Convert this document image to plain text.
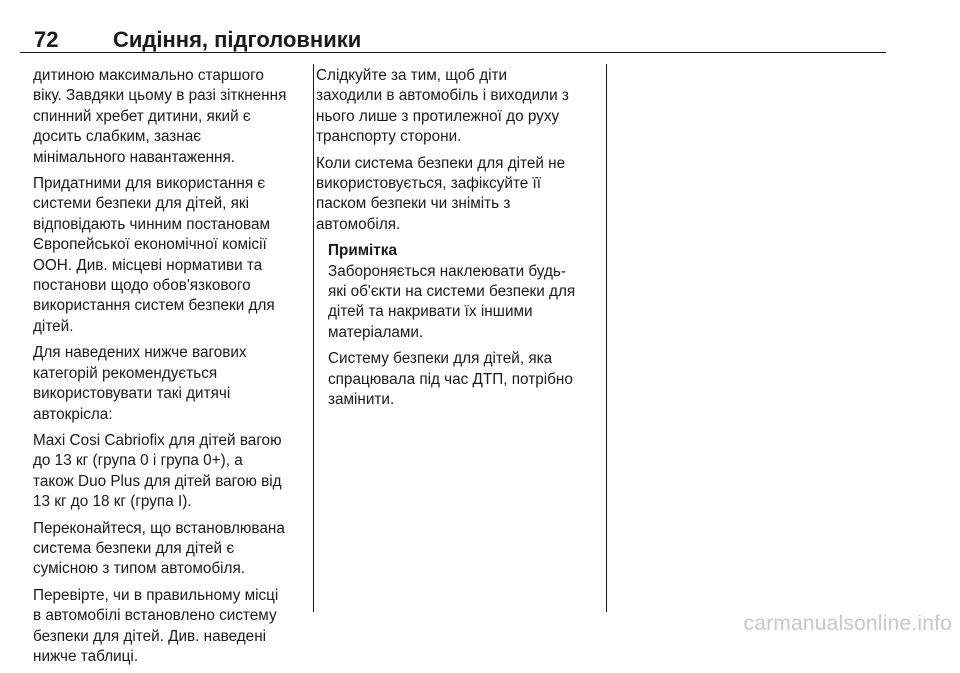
72 Сидіння, підголовники
дитиною максимально старшого
віку. Завдяки цьому в разі зіткнення
спинний хребет дитини, який є
досить слабким, зазнає
мінімального навантаження.
Придатними для використання є
системи безпеки для дітей, які
відповідають чинним постановам
Європейської економічної комісії
ООН. Див. місцеві нормативи та
постанови щодо обов'язкового
використання систем безпеки для
дітей.
Для наведених нижче вагових
категорій рекомендується
використовувати такі дитячі
автокрісла:
Maxi Cosi Cabriofix для дітей вагою
до 13 кг (група 0 і група 0+), а
також Duo Plus для дітей вагою від
13 кг до 18 кг (група I).
Переконайтеся, що встановлювана
система безпеки для дітей є
сумісною з типом автомобіля.
Перевірте, чи в правильному місці
в автомобілі встановлено систему
безпеки для дітей. Див. наведені
нижче таблиці.
Слідкуйте за тим, щоб діти
заходили в автомобіль і виходили з
нього лише з протилежної до руху
транспорту сторони.
Коли система безпеки для дітей не
використовується, зафіксуйте її
паском безпеки чи зніміть з
автомобіля.
Примітка
Забороняється наклеювати будь-
які об'єкти на системи безпеки для
дітей та накривати їх іншими
матеріалами.
Систему безпеки для дітей, яка
спрацювала під час ДТП, потрібно
замінити.
carmanualsonline.info
